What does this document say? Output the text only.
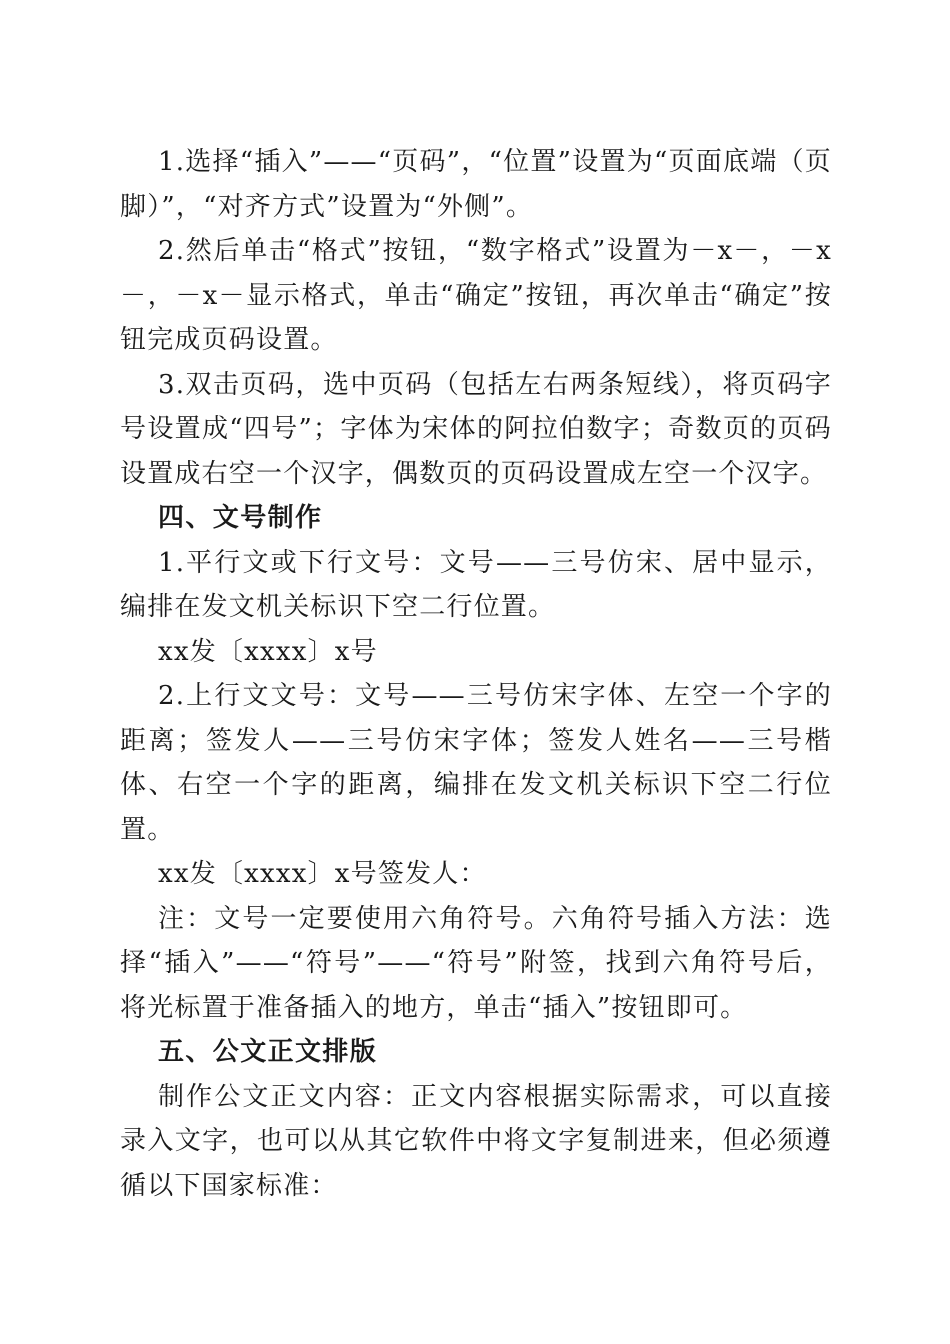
1.选择“插入”——“页码”，“位置”设置为“页面底端（页脚）”，“对齐方式”设置为“外侧”。

2.然后单击“格式”按钮，“数字格式”设置为－x－，－x－，－x－显示格式，单击“确定”按钮，再次单击“确定”按钮完成页码设置。

3.双击页码，选中页码（包括左右两条短线），将页码字号设置成“四号”；字体为宋体的阿拉伯数字；奇数页的页码设置成右空一个汉字，偶数页的页码设置成左空一个汉字。

四、文号制作

1.平行文或下行文号：文号——三号仿宋、居中显示，编排在发文机关标识下空二行位置。

xx发〔xxxx〕x号

2.上行文文号：文号——三号仿宋字体、左空一个字的距离；签发人——三号仿宋字体；签发人姓名——三号楷体、右空一个字的距离，编排在发文机关标识下空二行位置。

xx发〔xxxx〕x号签发人：

注：文号一定要使用六角符号。六角符号插入方法：选择“插入”——“符号”——“符号”附签，找到六角符号后，将光标置于准备插入的地方，单击“插入”按钮即可。

五、公文正文排版

制作公文正文内容：正文内容根据实际需求，可以直接录入文字，也可以从其它软件中将文字复制进来，但必须遵循以下国家标准：
